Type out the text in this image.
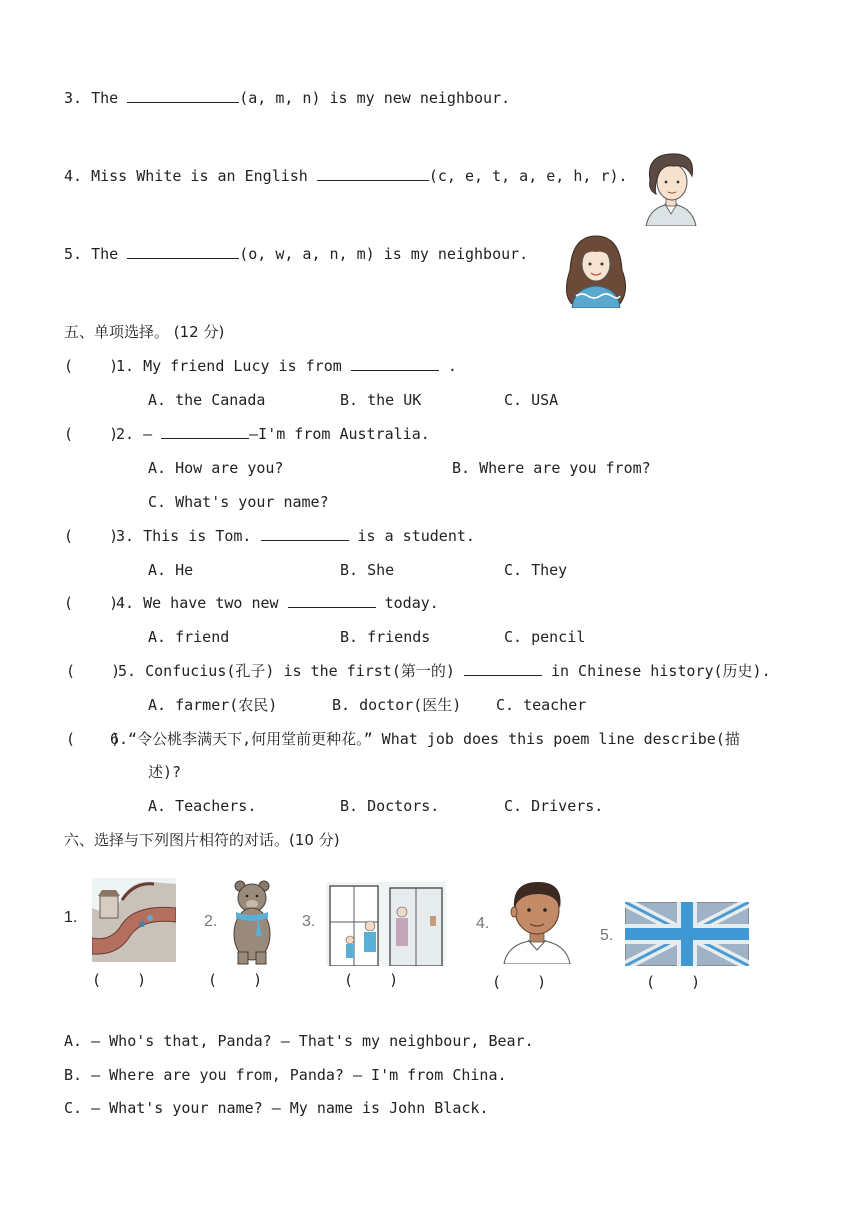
3. The	(a, m, n) is my new neighbour.
4. Miss White is an English	(c, e, t, a, e, h, r).
5. The	(o, w, a, n, m) is my neighbour.
五、单项选择。 (12 分)
(    )
1. My friend Lucy is from	.
A. the Canada	B. the UK	C. USA
(    )
2. —	—I'm from Australia.
A. How are you?	B. Where are you from?
C. What's your name?
(    )
3. This is Tom.	is a student.
A. He	B. She	C. They
(    )
4. We have two new	today.
A. friend	B. friends	C. pencil
(    )
5. Confucius(孔子) is the first(第一的)	in Chinese history(历史).
A. farmer(农民)	B. doctor(医生) C. teacher
(    )
6.“令公桃李满天下,何用堂前更种花。” What job does this poem line describe(描
述)?
A. Teachers.	B. Doctors.	C. Drivers.
六、选择与下列图片相符的对话。(10 分)
1.
(    )
2.
(    )
3.
(    )
4.
(    )
5.
(    )
A. — Who's that, Panda? — That's my neighbour, Bear.
B. — Where are you from, Panda? — I'm from China.
C. — What's your name? — My name is John Black.
